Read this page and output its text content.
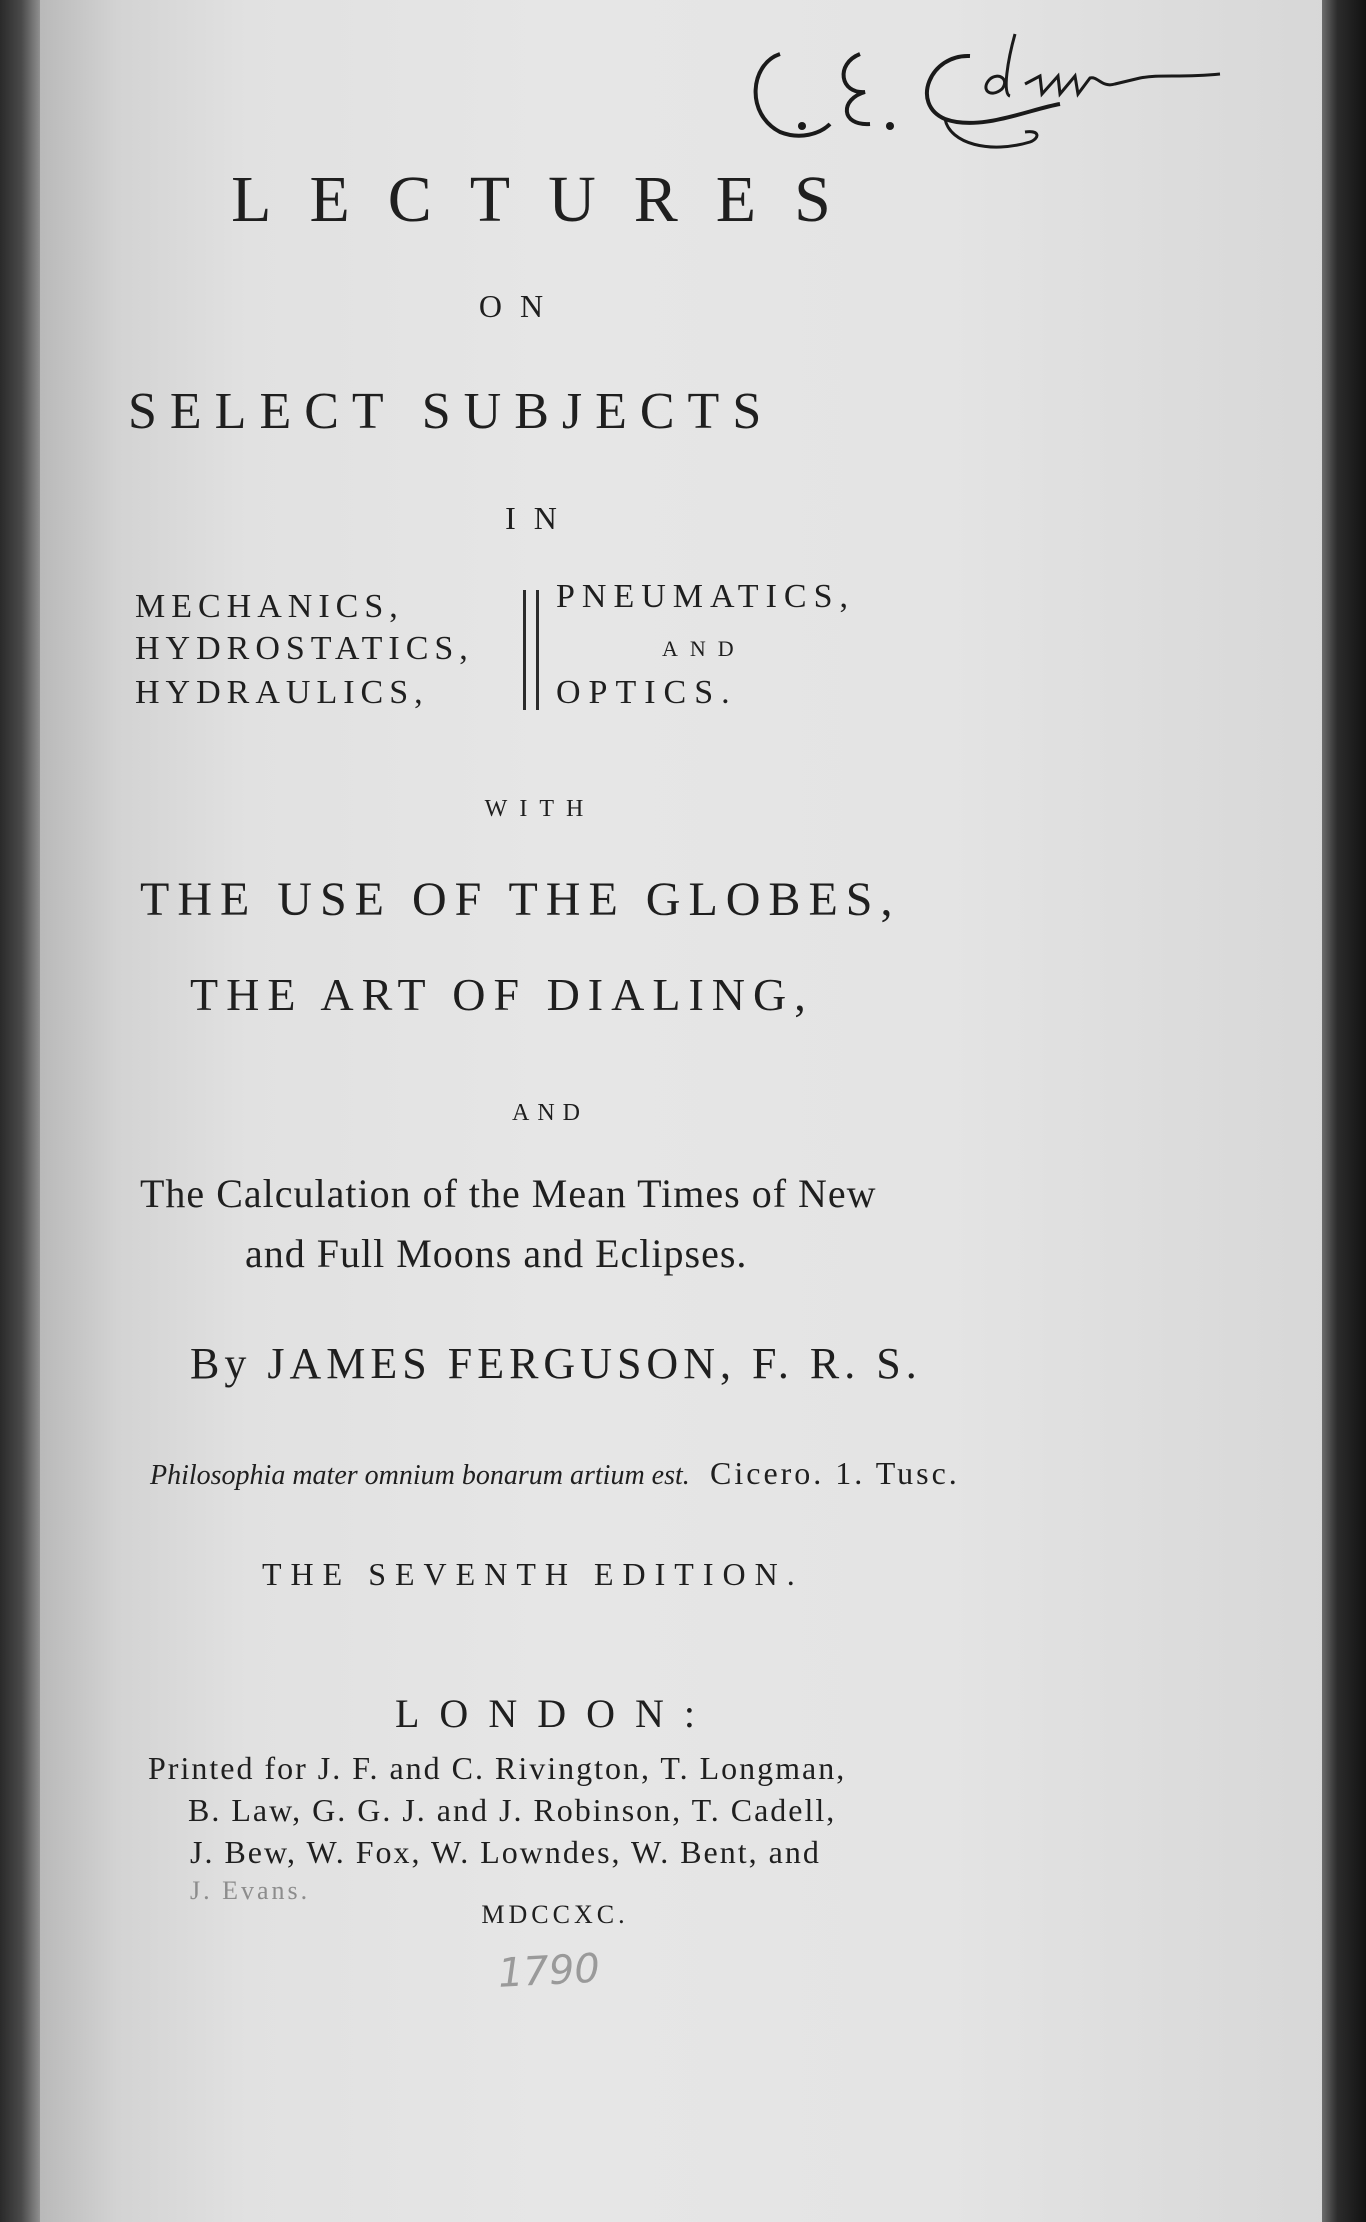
LECTURES
ON
SELECT SUBJECTS
IN
MECHANICS,
HYDROSTATICS,
HYDRAULICS,
PNEUMATICS,
AND
OPTICS.
WITH
THE USE OF THE GLOBES,
THE ART OF DIALING,
AND
The Calculation of the Mean Times of New
and Full Moons and Eclipses.
By JAMES FERGUSON, F. R. S.
Philosophia mater omnium bonarum artium est. Cicero. 1. Tusc.
THE SEVENTH EDITION.
LONDON:
Printed for J. F. and C. Rivington, T. Longman,
B. Law, G. G. J. and J. Robinson, T. Cadell,
J. Bew, W. Fox, W. Lowndes, W. Bent, and
J. Evans.
MDCCXC.
1790
